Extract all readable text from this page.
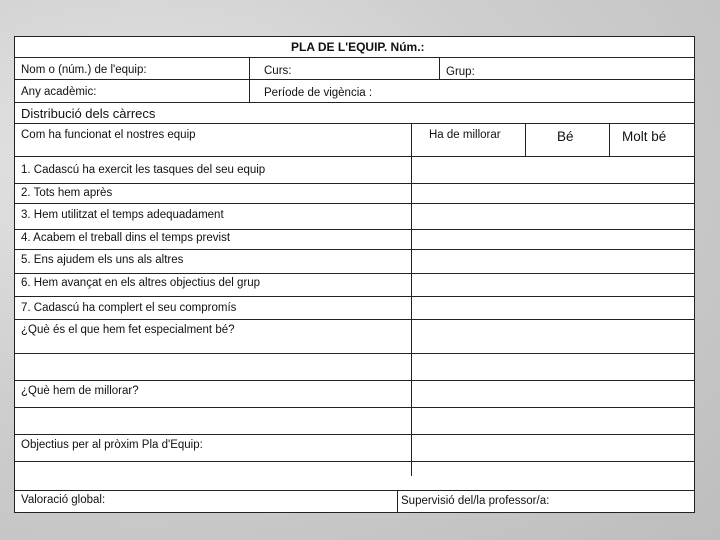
PLA DE L'EQUIP. Núm.:
Nom o (núm.) de l'equip:	Curs:	Grup:
Any acadèmic:	Període de vigència :
Distribució dels càrrecs
Com ha funcionat el nostres equip	Ha de millorar	Bé	Molt bé
1. Cadascú ha exercit les tasques del seu equip
2. Tots hem après
3. Hem utilitzat el temps adequadament
4. Acabem el treball dins el temps previst
5. Ens ajudem els uns als altres
6. Hem avançat en els altres objectius del grup
7. Cadascú ha complert el seu compromís
¿Què és el que hem fet especialment bé?
¿Què hem de millorar?
Objectius per al pròxim Pla d'Equip:
Valoració global:	Supervisió del/la professor/a:
